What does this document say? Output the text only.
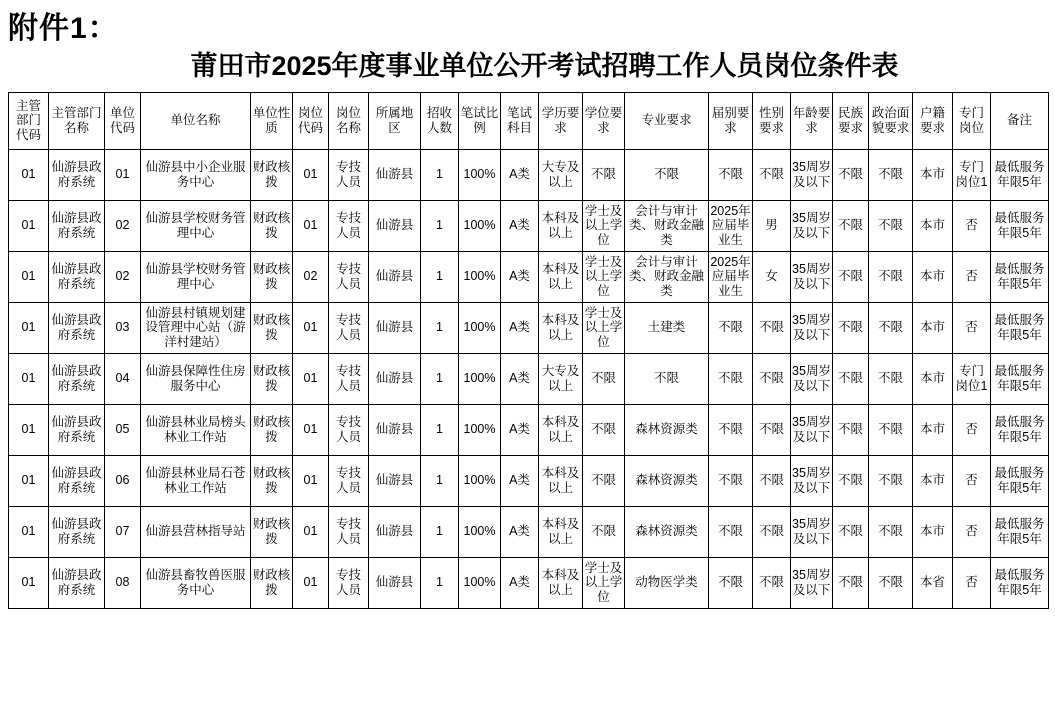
附件1：
莆田市2025年度事业单位公开考试招聘工作人员岗位条件表
主管部门代码	主管部门名称	单位代码	单位名称	单位性质	岗位代码	岗位名称	所属地区	招收人数	笔试比例	笔试科目	学历要求	学位要求	专业要求	届别要求	性别要求	年龄要求	民族要求	政治面貌要求	户籍要求	专门岗位	备注
01	仙游县政府系统	01	仙游县中小企业服务中心	财政核拨	01	专技人员	仙游县	1	100%	A类	大专及以上	不限	不限	不限	不限	35周岁及以下	不限	不限	本市	专门岗位1	最低服务年限5年
01	仙游县政府系统	02	仙游县学校财务管理中心	财政核拨	01	专技人员	仙游县	1	100%	A类	本科及以上	学士及以上学位	会计与审计类、财政金融类	2025年应届毕业生	男	35周岁及以下	不限	不限	本市	否	最低服务年限5年
01	仙游县政府系统	02	仙游县学校财务管理中心	财政核拨	02	专技人员	仙游县	1	100%	A类	本科及以上	学士及以上学位	会计与审计类、财政金融类	2025年应届毕业生	女	35周岁及以下	不限	不限	本市	否	最低服务年限5年
01	仙游县政府系统	03	仙游县村镇规划建设管理中心站（游洋村建站）	财政核拨	01	专技人员	仙游县	1	100%	A类	本科及以上	学士及以上学位	土建类	不限	不限	35周岁及以下	不限	不限	本市	否	最低服务年限5年
01	仙游县政府系统	04	仙游县保障性住房服务中心	财政核拨	01	专技人员	仙游县	1	100%	A类	大专及以上	不限	不限	不限	不限	35周岁及以下	不限	不限	本市	专门岗位1	最低服务年限5年
01	仙游县政府系统	05	仙游县林业局榜头林业工作站	财政核拨	01	专技人员	仙游县	1	100%	A类	本科及以上	不限	森林资源类	不限	不限	35周岁及以下	不限	不限	本市	否	最低服务年限5年
01	仙游县政府系统	06	仙游县林业局石苍林业工作站	财政核拨	01	专技人员	仙游县	1	100%	A类	本科及以上	不限	森林资源类	不限	不限	35周岁及以下	不限	不限	本市	否	最低服务年限5年
01	仙游县政府系统	07	仙游县营林指导站	财政核拨	01	专技人员	仙游县	1	100%	A类	本科及以上	不限	森林资源类	不限	不限	35周岁及以下	不限	不限	本市	否	最低服务年限5年
01	仙游县政府系统	08	仙游县畜牧兽医服务中心	财政核拨	01	专技人员	仙游县	1	100%	A类	本科及以上	学士及以上学位	动物医学类	不限	不限	35周岁及以下	不限	不限	本省	否	最低服务年限5年
